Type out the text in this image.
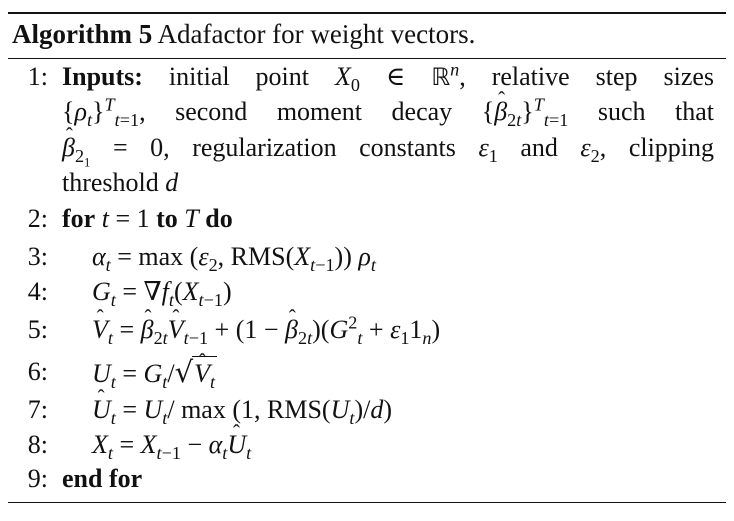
Algorithm 5 Adafactor for weight vectors.
1: Inputs: initial point $X_0$ ∈ ℝ$^n$, relative step sizes
$\{\rho_t\}^T_{t=1}$, second moment decay {ˆ $\beta_{2t}\}^T_{t=1}$ such that
ˆ $\beta_{2_1} = 0$, regularization constants $\varepsilon_1$ and $\varepsilon_2$, clipping
threshold d
2: for t = 1 to T do
3: $\alpha_t = \max (\varepsilon_2$, $RMS(X_{t-1})$) $\rho_t$
4: $G_t = \nabla f_t(X_{t-1})$
5: ˆ $V_t$ = ˆ $\beta_{2t}ˆ$ $V_{t-1} + (1$ − ˆ $\beta_{2t})(G^2_t + \varepsilon_11_n)$
6: $U_t$ = $G_t/√ˆ$ $V_t$
7: ˆ $U_t = U_t/$ max (1, $RMS(U_t)/d$)
8: $X_t = X_{t-1}$ − $\alpha_tˆ$ $U_t$
9: end for
